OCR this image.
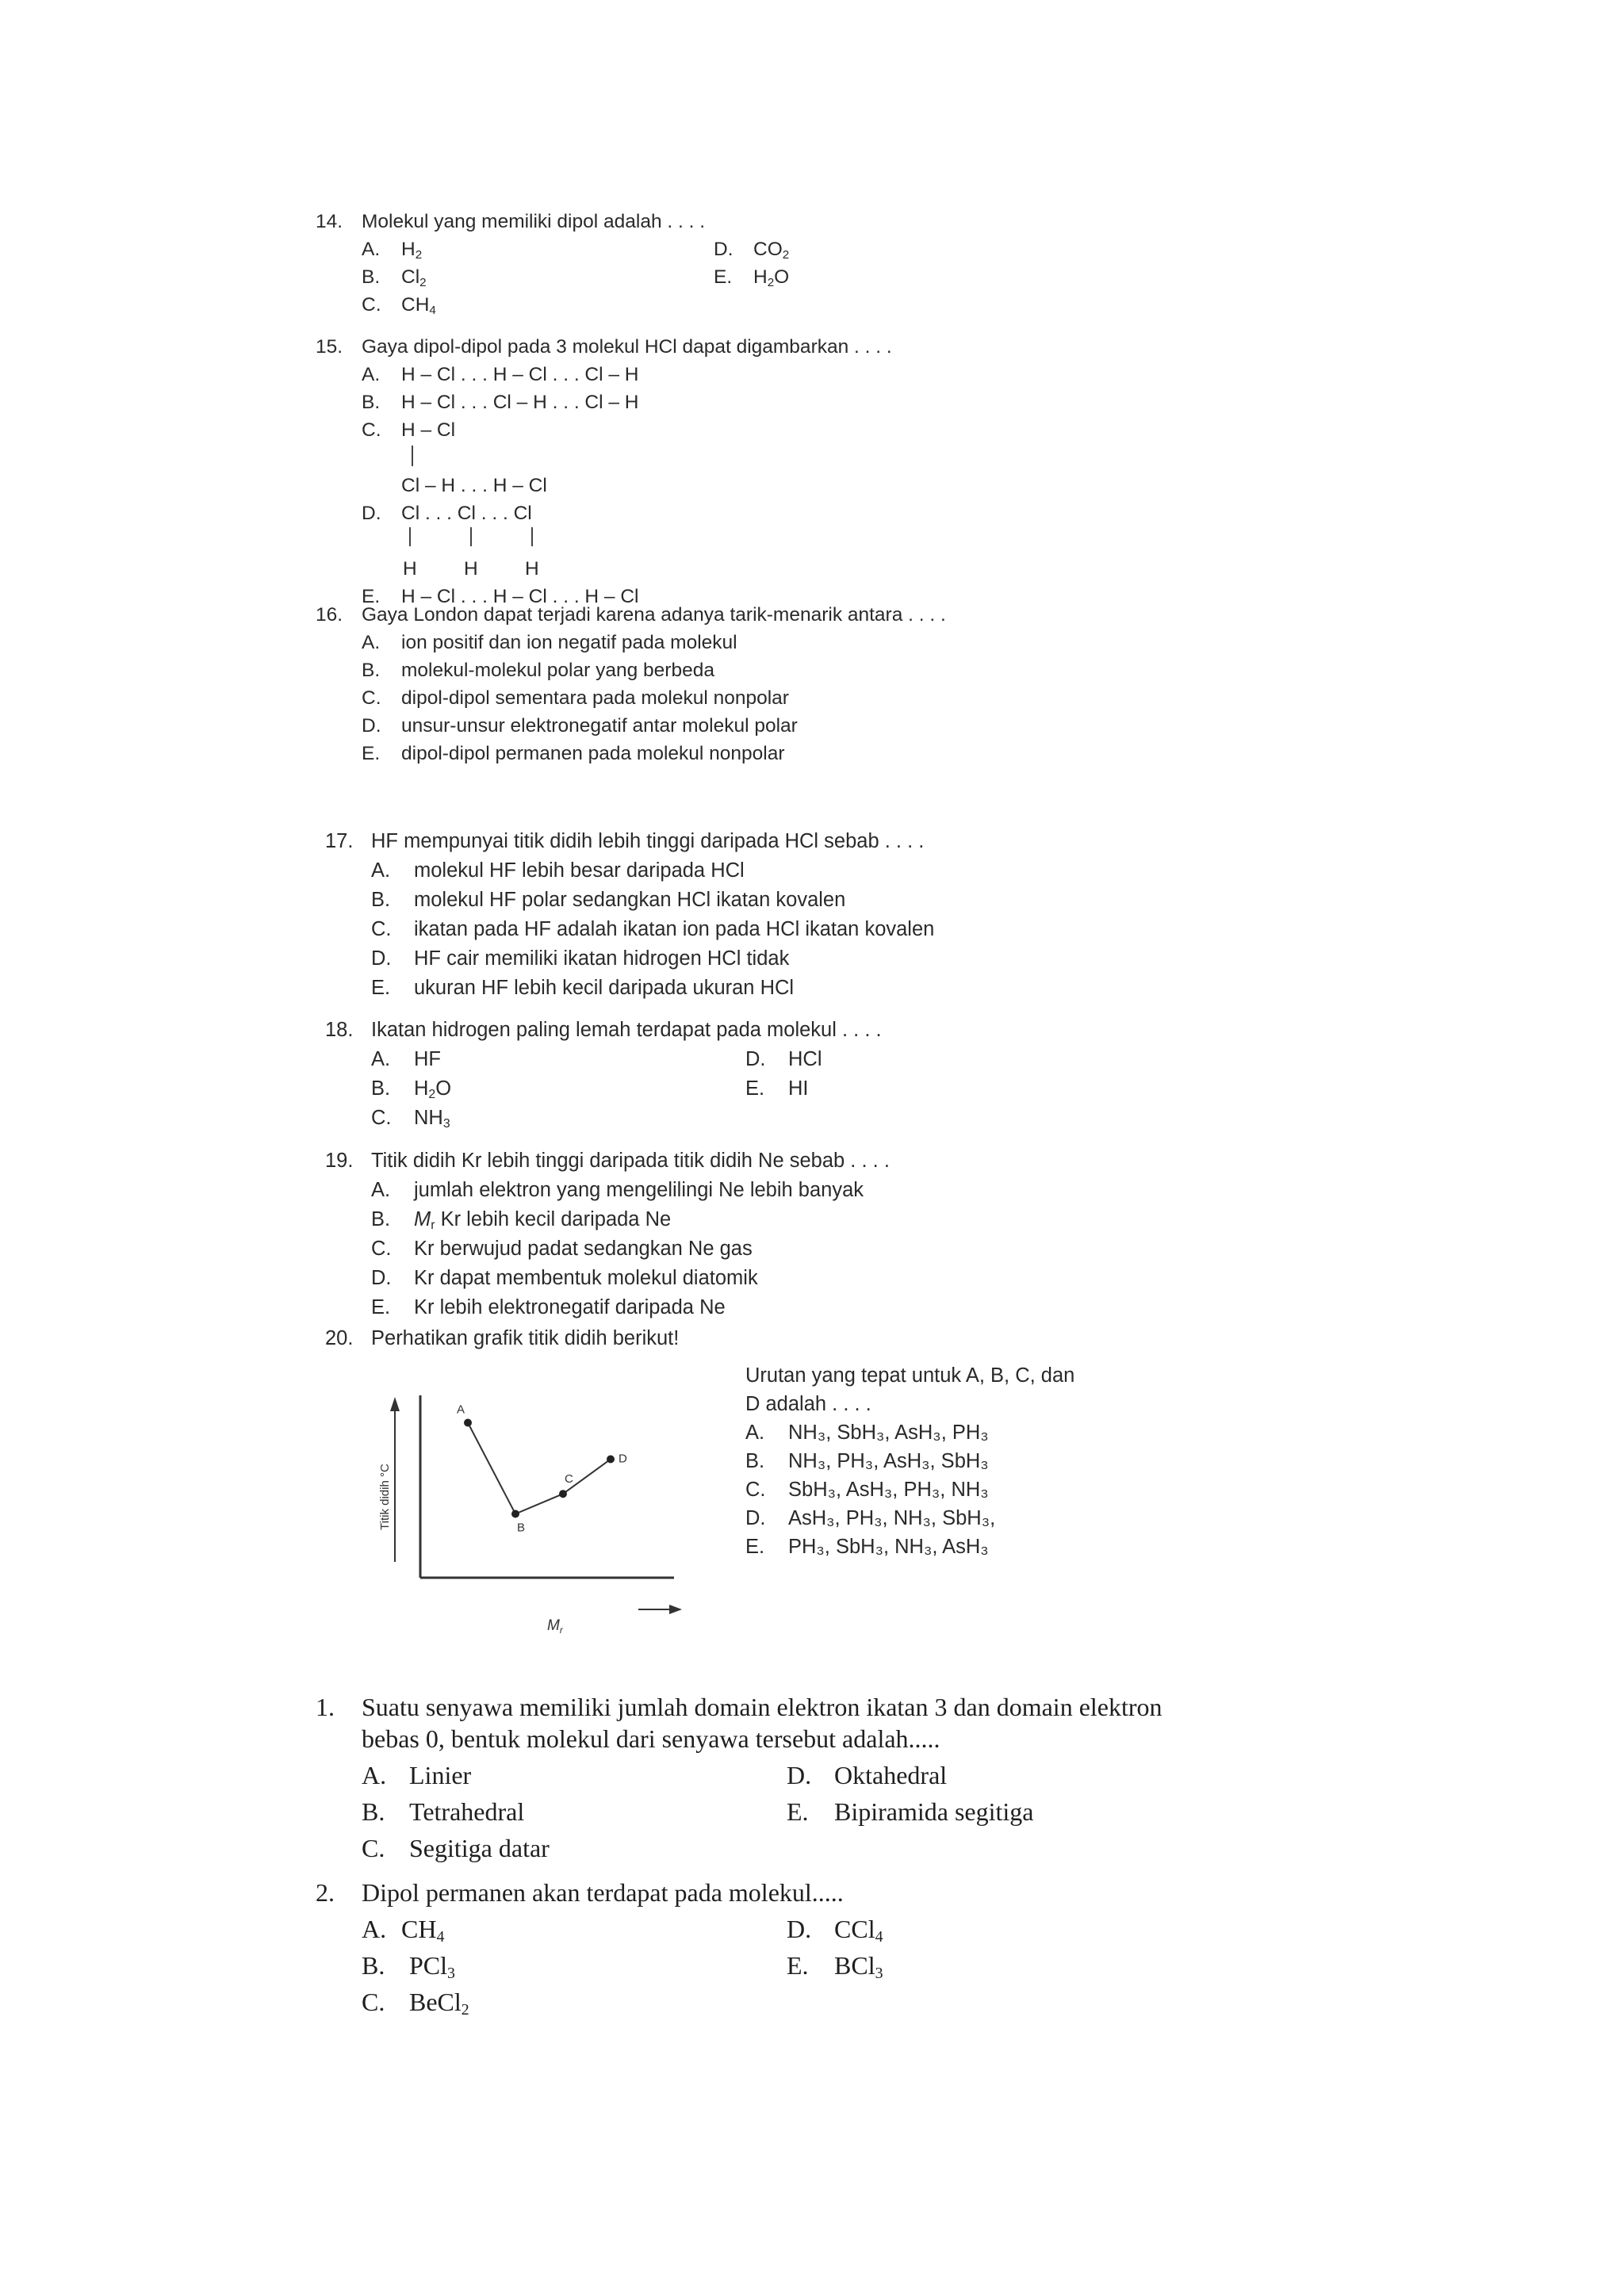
14. Molekul yang memiliki dipol adalah . . . .
A. $H_2$	D. $CO_2$
B. $Cl_2$	E. $H_2O$
C. $CH_4$
15. Gaya dipol-dipol pada 3 molekul HCl dapat digambarkan . . . .
A. H – Cl . . . H – Cl . . . Cl – H
B. H – Cl . . . Cl – H . . . Cl – H
C. H – Cl
Cl – H . . . H – Cl
D. Cl . . . Cl . . . Cl
H H H
E. H – Cl . . . H – Cl . . . H – Cl
16. Gaya London dapat terjadi karena adanya tarik-menarik antara . . . .
A. ion positif dan ion negatif pada molekul
B. molekul-molekul polar yang berbeda
C. dipol-dipol sementara pada molekul nonpolar
D. unsur-unsur elektronegatif antar molekul polar
E. dipol-dipol permanen pada molekul nonpolar
17. HF mempunyai titik didih lebih tinggi daripada HCl sebab . . . .
A. molekul HF lebih besar daripada HCl
B. molekul HF polar sedangkan HCl ikatan kovalen
C. ikatan pada HF adalah ikatan ion pada HCl ikatan kovalen
D. HF cair memiliki ikatan hidrogen HCl tidak
E. ukuran HF lebih kecil daripada ukuran HCl
18. Ikatan hidrogen paling lemah terdapat pada molekul . . . .
A. HF	D. HCl
B. $H_2O$	E. HI
C. $NH_3$
19. Titik didih Kr lebih tinggi daripada titik didih Ne sebab . . . .
A. jumlah elektron yang mengelilingi Ne lebih banyak
B. $M_r$ Kr lebih kecil daripada Ne
C. Kr berwujud padat sedangkan Ne gas
D. Kr dapat membentuk molekul diatomik
E. Kr lebih elektronegatif daripada Ne
20. Perhatikan grafik titik didih berikut!
Urutan yang tepat untuk A, B, C, dan
D adalah . . . .
A. NH₃, SbH₃, AsH₃, PH₃
B. NH₃, PH₃, AsH₃, SbH₃
C. SbH₃, AsH₃, PH₃, NH₃
D. AsH₃, PH₃, NH₃, SbH₃,
E. PH₃, SbH₃, NH₃, AsH₃
Titik didih °C
$M_r$
A
B
C
D
1. Suatu senyawa memiliki jumlah domain elektron ikatan 3 dan domain elektron
bebas 0, bentuk molekul dari senyawa tersebut adalah.....
A. Linier	D. Oktahedral
B. Tetrahedral	E. Bipiramida segitiga
C. Segitiga datar
2. Dipol permanen akan terdapat pada molekul.....
A. $CH_4$	D. CCl$_4$
B. PCl$_3$	E. BCl$_3$
C. BeCl$_2$
